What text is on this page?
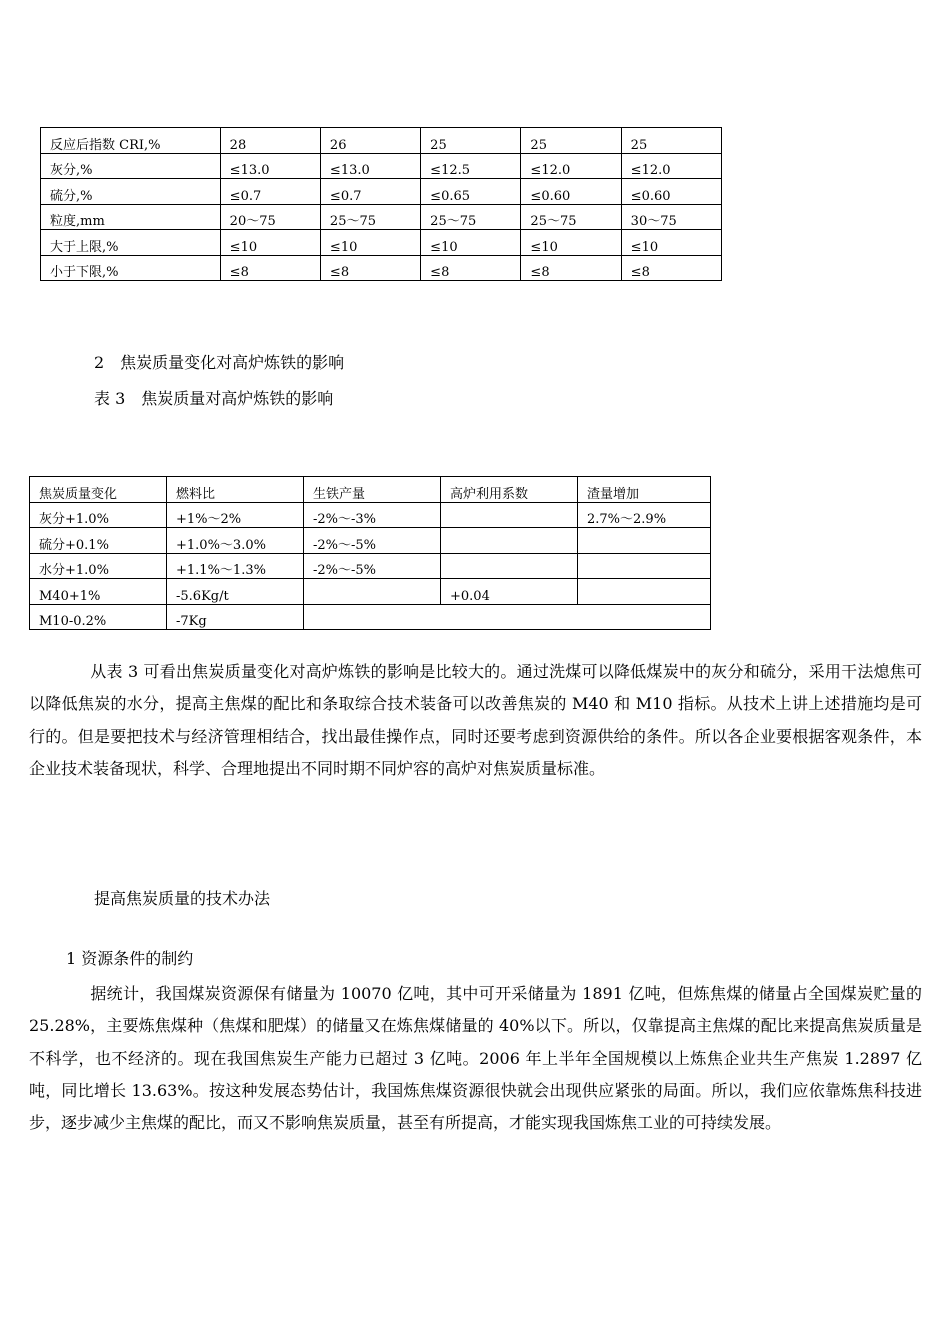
反应后指数 CRI,%	28	26	25	25	25
灰分,%	≤13.0	≤13.0	≤12.5	≤12.0	≤12.0
硫分,%	≤0.7	≤0.7	≤0.65	≤0.60	≤0.60
粒度,mm	20～75	25～75	25～75	25～75	30～75
大于上限,%	≤10	≤10	≤10	≤10	≤10
小于下限,%	≤8	≤8	≤8	≤8	≤8
2　焦炭质量变化对高炉炼铁的影响
表 3　焦炭质量对高炉炼铁的影响
焦炭质量变化	燃料比	生铁产量	高炉利用系数	渣量增加
灰分+1.0%	+1%～2%	-2%～-3%		2.7%～2.9%
硫分+0.1%	+1.0%～3.0%	-2%～-5%		
水分+1.0%	+1.1%～1.3%	-2%～-5%		
M40+1%	-5.6Kg/t		+0.04	
M10-0.2%	-7Kg			
从表 3 可看出焦炭质量变化对高炉炼铁的影响是比较大的。通过洗煤可以降低煤炭中的灰分和硫分，采用干法熄焦可以降低焦炭的水分，提高主焦煤的配比和条取综合技术装备可以改善焦炭的 M40 和 M10 指标。从技术上讲上述措施均是可行的。但是要把技术与经济管理相结合，找出最佳操作点，同时还要考虑到资源供给的条件。所以各企业要根据客观条件，本企业技术装备现状，科学、合理地提出不同时期不同炉容的高炉对焦炭质量标准。
提高焦炭质量的技术办法
1 资源条件的制约
据统计，我国煤炭资源保有储量为 10070 亿吨，其中可开采储量为 1891 亿吨，但炼焦煤的储量占全国煤炭贮量的 25.28%，主要炼焦煤种（焦煤和肥煤）的储量又在炼焦煤储量的 40%以下。所以，仅靠提高主焦煤的配比来提高焦炭质量是不科学，也不经济的。现在我国焦炭生产能力已超过 3 亿吨。2006 年上半年全国规模以上炼焦企业共生产焦炭 1.2897 亿吨，同比增长 13.63%。按这种发展态势估计，我国炼焦煤资源很快就会出现供应紧张的局面。所以，我们应依靠炼焦科技进步，逐步减少主焦煤的配比，而又不影响焦炭质量，甚至有所提高，才能实现我国炼焦工业的可持续发展。
